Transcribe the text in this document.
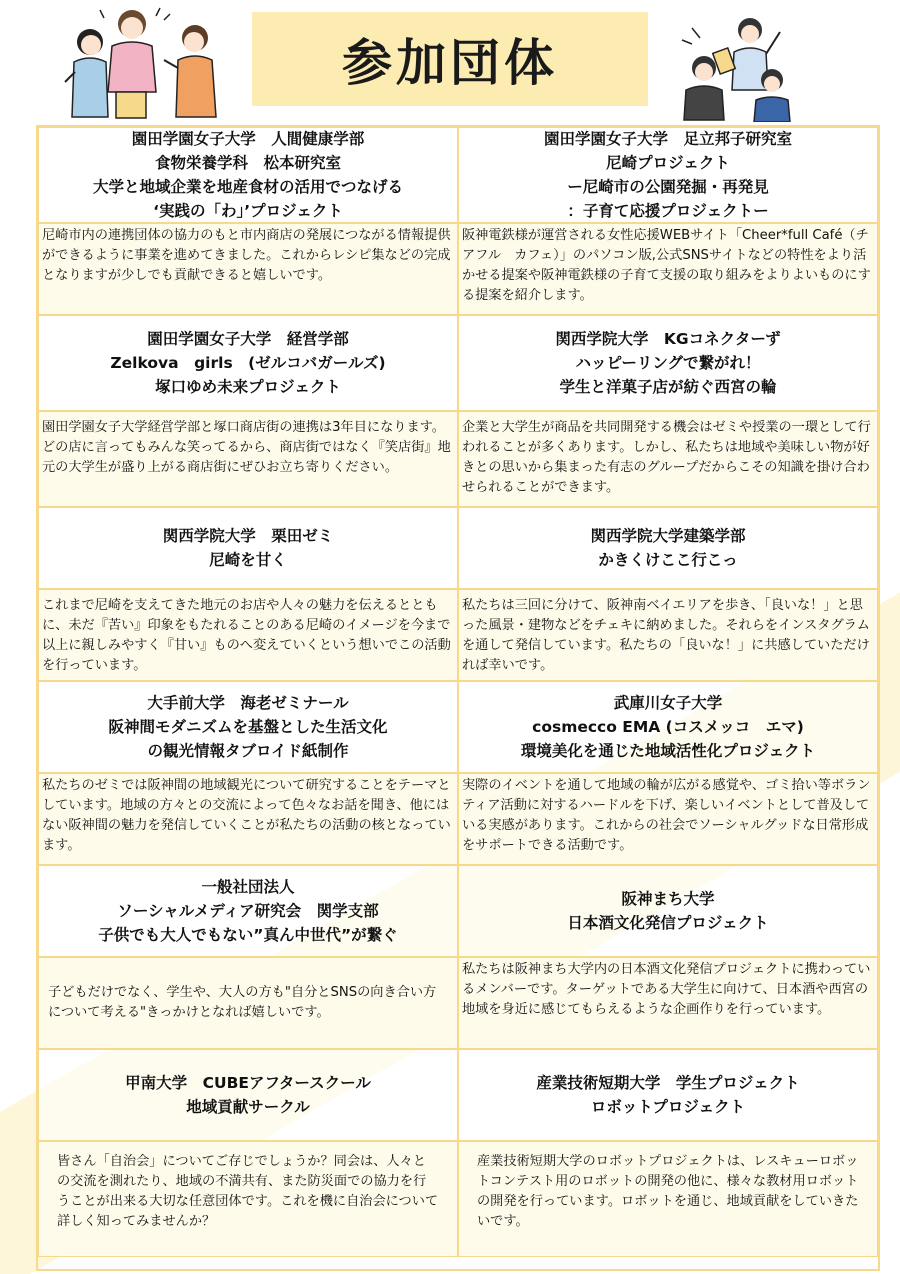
参加団体
園田学園女子大学　人間健康学部
食物栄養学科　松本研究室
大学と地域企業を地産食材の活用でつなげる
‘実践の「わ」’プロジェクト
園田学園女子大学　足立邦子研究室
尼崎プロジェクト
ー尼崎市の公園発掘・再発見
：子育て応援プロジェクトー
尼崎市内の連携団体の協力のもと市内商店の発展につながる情報提供ができるように事業を進めてきました。これからレシピ集などの完成となりますが少しでも貢献できると嬉しいです。
阪神電鉄様が運営される女性応援WEBサイト「Cheer*full Café（チアフル　カフェ）」のパソコン版,公式SNSサイトなどの特性をより活かせる提案や阪神電鉄様の子育て支援の取り組みをよりよいものにする提案を紹介します。
園田学園女子大学　経営学部
Zelkova　girls　(ゼルコバガールズ)
塚口ゆめ未来プロジェクト
関西学院大学　KGコネクターず
ハッピーリングで繋がれ！
学生と洋菓子店が紡ぐ西宮の輪
園田学園女子大学経営学部と塚口商店街の連携は3年目になります。どの店に言ってもみんな笑ってるから、商店街ではなく『笑店街』地元の大学生が盛り上がる商店街にぜひお立ち寄りください。
企業と大学生が商品を共同開発する機会はゼミや授業の一環として行われることが多くあります。しかし、私たちは地域や美味しい物が好きとの思いから集まった有志のグループだからこその知識を掛け合わせられることができます。
関西学院大学　栗田ゼミ
尼崎を甘く
関西学院大学建築学部
かきくけここ行こっ
これまで尼崎を支えてきた地元のお店や人々の魅力を伝えるとともに、未だ『苦い』印象をもたれることのある尼崎のイメージを今まで以上に親しみやすく『甘い』ものへ変えていくという想いでこの活動を行っています。
私たちは三回に分けて、阪神南ベイエリアを歩き、「良いな！」と思った風景・建物などをチェキに納めました。それらをインスタグラムを通して発信しています。私たちの「良いな！」に共感していただければ幸いです。
大手前大学　海老ゼミナール
阪神間モダニズムを基盤とした生活文化
の観光情報タブロイド紙制作
武庫川女子大学
cosmecco EMA (コスメッコ　エマ)
環境美化を通じた地域活性化プロジェクト
私たちのゼミでは阪神間の地域観光について研究することをテーマとしています。地域の方々との交流によって色々なお話を聞き、他にはない阪神間の魅力を発信していくことが私たちの活動の核となっています。
実際のイベントを通して地域の輪が広がる感覚や、ゴミ拾い等ボランティア活動に対するハードルを下げ、楽しいイベントとして普及している実感があります。これからの社会でソーシャルグッドな日常形成をサポートできる活動です。
一般社団法人
ソーシャルメディア研究会　関学支部
子供でも大人でもない”真ん中世代”が繋ぐ
阪神まち大学
日本酒文化発信プロジェクト
子どもだけでなく、学生や、大人の方も"自分とSNSの向き合い方について考える"きっかけとなれば嬉しいです。
私たちは阪神まち大学内の日本酒文化発信プロジェクトに携わっているメンバーです。ターゲットである大学生に向けて、日本酒や西宮の地域を身近に感じてもらえるような企画作りを行っています。
甲南大学　CUBEアフタースクール
地域貢献サークル
産業技術短期大学　学生プロジェクト
ロボットプロジェクト
皆さん「自治会」についてご存じでしょうか？同会は、人々との交流を測れたり、地域の不満共有、また防災面での協力を行うことが出来る大切な任意団体です。これを機に自治会について詳しく知ってみませんか？
産業技術短期大学のロボットプロジェクトは、レスキューロボットコンテスト用のロボットの開発の他に、様々な教材用ロボットの開発を行っています。ロボットを通じ、地域貢献をしていきたいです。
